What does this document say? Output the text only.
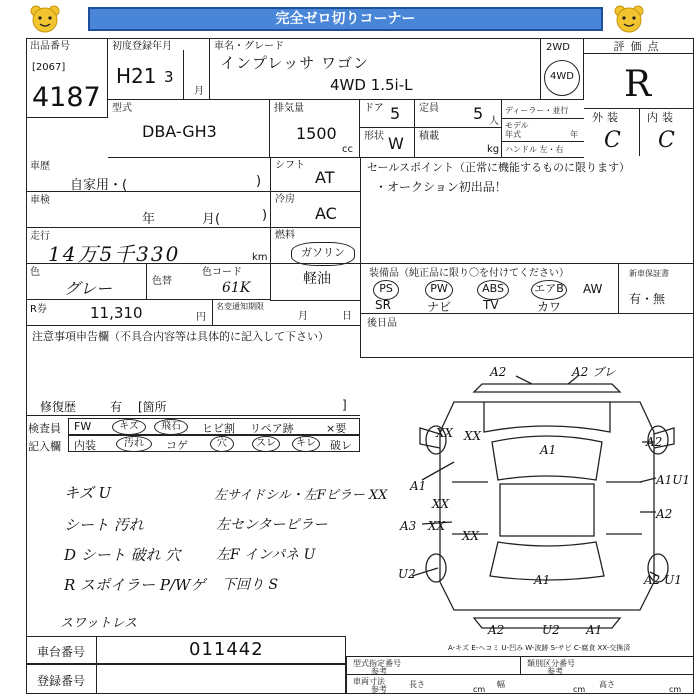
完全ゼロ切りコーナー
出品番号
[2067]
4187
初度登録年月
H21 3
月
車名・グレード
インプレッサ ワゴン
4WD 1.5i-L
2WD
4WD
評価点
R
外装 内装
C C
型式
DBA-GH3
排気量
1500
cc
ドア 5
形状 W
定員 5 人
積載
kg
ディーラー・並行
モデル年式	年
ハンドル 左・右
車歴
自家用・(	)
シフト
AT
車検
年	月(	)
冷房
AC
走行
14万5千330	km
燃料
ガソリン
軽油
色
グレー	色替
色コード
61K
R券	11,310	円
名変通知期限
月	日
セールスポイント（正常に機能するものに限ります）
・オークション初出品！
装備品（純正品に限り〇を付けてください）
PS	PW	ABS	エアB AW
SR	ナビ	TV	カワ
新車保証書
有・無
後日品
注意事項申告欄（不具合内容等は具体的に記入して下さい）
修復歴	有 [箇所	]
検査員
記入欄
FW	キズ	飛石	ヒビ割 リペア跡	×要
内装	汚れ	コゲ	穴	スレ	キレ	破レ
キズ U
シート 汚れ
D シート 破れ 穴
R スポイラー P/Wゲ
左サイドシル・左Fピラー XX
左センターピラー
左F インパネ U
下回り S
スワットレス
A2	A2 ブレ
A1
XX XX	A2
A1U1
A1
XX
A2
XX
A3
XX
U2	A1	A2 U1
A2	U2 A1
A-キズ E-ヘコミ U-凹み W-波跡 S-サビ C-腐食 XX-交換済
車台番号	011442
登録番号
型式指定番号
参考
類別区分番号
参考
車両寸法
参考
長さ
cm
幅
cm
高さ
cm
